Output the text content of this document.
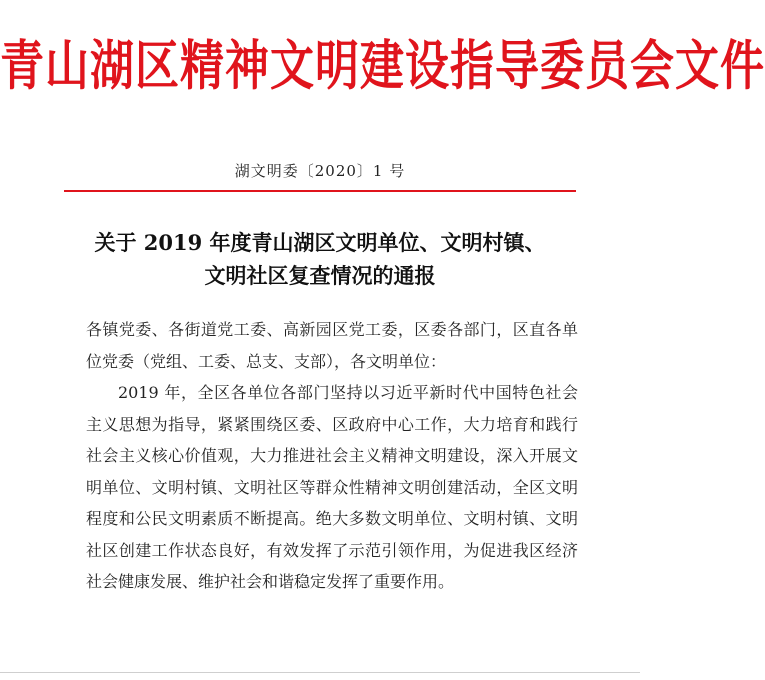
青山湖区精神文明建设指导委员会文件
湖文明委〔2020〕1 号
关于 2019 年度青山湖区文明单位、文明村镇、
文明社区复查情况的通报

各镇党委、各街道党工委、高新园区党工委，区委各部门，区直各单位党委（党组、工委、总支、支部），各文明单位：

2019 年，全区各单位各部门坚持以习近平新时代中国特色社会主义思想为指导，紧紧围绕区委、区政府中心工作，大力培育和践行社会主义核心价值观，大力推进社会主义精神文明建设，深入开展文明单位、文明村镇、文明社区等群众性精神文明创建活动，全区文明程度和公民文明素质不断提高。绝大多数文明单位、文明村镇、文明社区创建工作状态良好，有效发挥了示范引领作用，为促进我区经济社会健康发展、维护社会和谐稳定发挥了重要作用。
